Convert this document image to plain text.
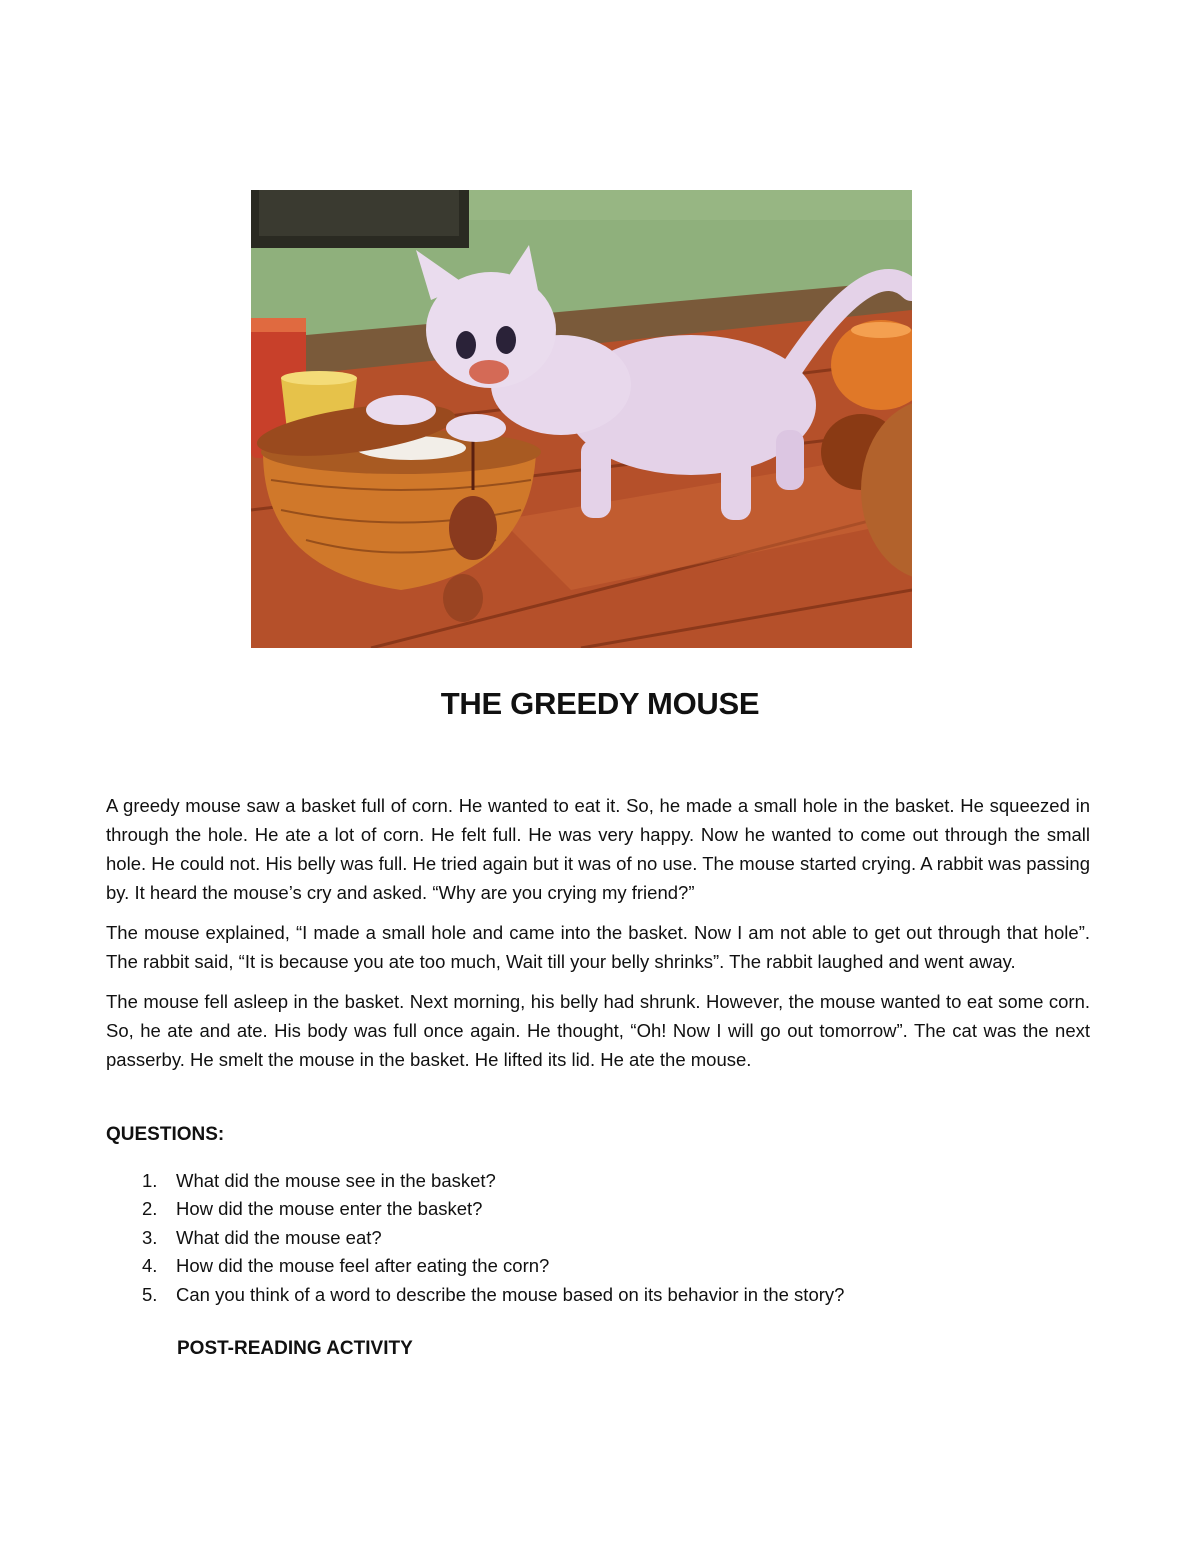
THE GREEDY MOUSE

A greedy mouse saw a basket full of corn. He wanted to eat it. So, he made a small hole in the basket. He squeezed in through the hole. He ate a lot of corn. He felt full. He was very happy. Now he wanted to come out through the small hole. He could not. His belly was full. He tried again but it was of no use. The mouse started crying. A rabbit was passing by. It heard the mouse’s cry and asked. “Why are you crying my friend?”

The mouse explained, “I made a small hole and came into the basket. Now I am not able to get out through that hole”. The rabbit said, “It is because you ate too much, Wait till your belly shrinks”. The rabbit laughed and went away.

The mouse fell asleep in the basket. Next morning, his belly had shrunk. However, the mouse wanted to eat some corn. So, he ate and ate. His body was full once again. He thought, “Oh! Now I will go out tomorrow”. The cat was the next passerby. He smelt the mouse in the basket. He lifted its lid. He ate the mouse.

QUESTIONS:
1. What did the mouse see in the basket?
2. How did the mouse enter the basket?
3. What did the mouse eat?
4. How did the mouse feel after eating the corn?
5. Can you think of a word to describe the mouse based on its behavior in the story?
POST-READING ACTIVITY
